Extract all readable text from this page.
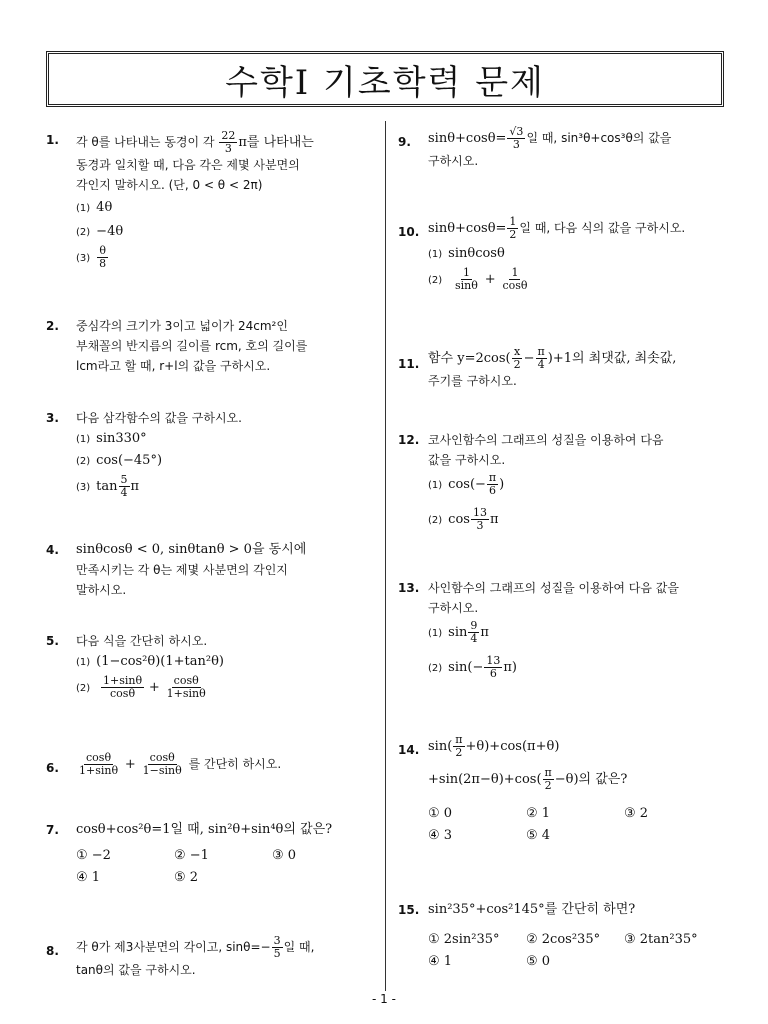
수학Ⅰ 기초학력 문제
1. 각 θ를 나타내는 동경이 각 $\frac{22}{3}$ π를 나타내는
동경과 일치할 때, 다음 각은 제몇 사분면의
각인지 말하시오. (단, 0 < θ < 2π)
(1) 4θ
(2) −4θ
$(3) \frac{\theta}{8}$
2. 중심각의 크기가 3이고 넓이가 24cm²인
부채꼴의 반지름의 길이를 rcm, 호의 길이를
lcm라고 할 때, r+l의 값을 구하시오.
3. 다음 삼각함수의 값을 구하시오.
(1) sin330°
(2) cos(−45°)
(3) $\tan \frac{5}{4}$ π
4. sinθcosθ < 0, sinθtanθ > 0을 동시에
만족시키는 각 θ는 제몇 사분면의 각인지
말하시오.
5. 다음 식을 간단히 하시오.
(1) (1−cos²θ)(1+tan²θ)
$(2) \frac{1+\sin\theta}{\cos\theta} + \frac{\cos\theta}{1+\sin\theta}$
6. $\frac{\cos\theta}{1+\sin\theta} + \frac{\cos\theta}{1-\sin\theta}$ 를 간단히 하시오.
7. cosθ+cos²θ=1일 때, sin²θ+sin⁴θ의 값은?
① −2	② −1	③ 0
④ 1	⑤ 2
8. 각 θ가 제3사분면의 각이고, $\sin\theta=- \frac{3}{5}$ 일 때,
tanθ의 값을 구하시오.
9. $\sin\theta+\cos\theta= \frac{√3}{3}$ 일 때, sin³θ+cos³θ의 값을
구하시오.
10. $\sin\theta+\cos\theta= \frac{1}{2}$ 일 때, 다음 식의 값을 구하시오.
(1) sinθcosθ
$(2) \frac{1}{\sin\theta} + \frac{1}{\cos\theta}$
11. 함수 $y=2\cos( \frac{x}{2} - \frac{\pi}{4} )+1$의 최댓값, 최솟값,
주기를 구하시오.
12. 코사인함수의 그래프의 성질을 이용하여 다음
값을 구하시오.
(1) $\cos(- \frac{\pi}{6}$ )
(2) $\cos \frac{13}{3}$ π
13. 사인함수의 그래프의 성질을 이용하여 다음 값을
구하시오.
(1) $\sin \frac{9}{4}$ π
(2) $\sin(- \frac{13}{6} \pi)$
14. $\sin( \frac{\pi}{2} +\theta)+\cos(\pi+\theta)$
$+\sin(2\pi-\theta)+\cos( \frac{\pi}{2} -\theta)$의 값은?
① 0	② 1	③ 2
④ 3	⑤ 4
15. sin²35°+cos²145°를 간단히 하면?
① 2sin²35°	② 2cos²35°	③ 2tan²35°
④ 1	⑤ 0
- 1 -
